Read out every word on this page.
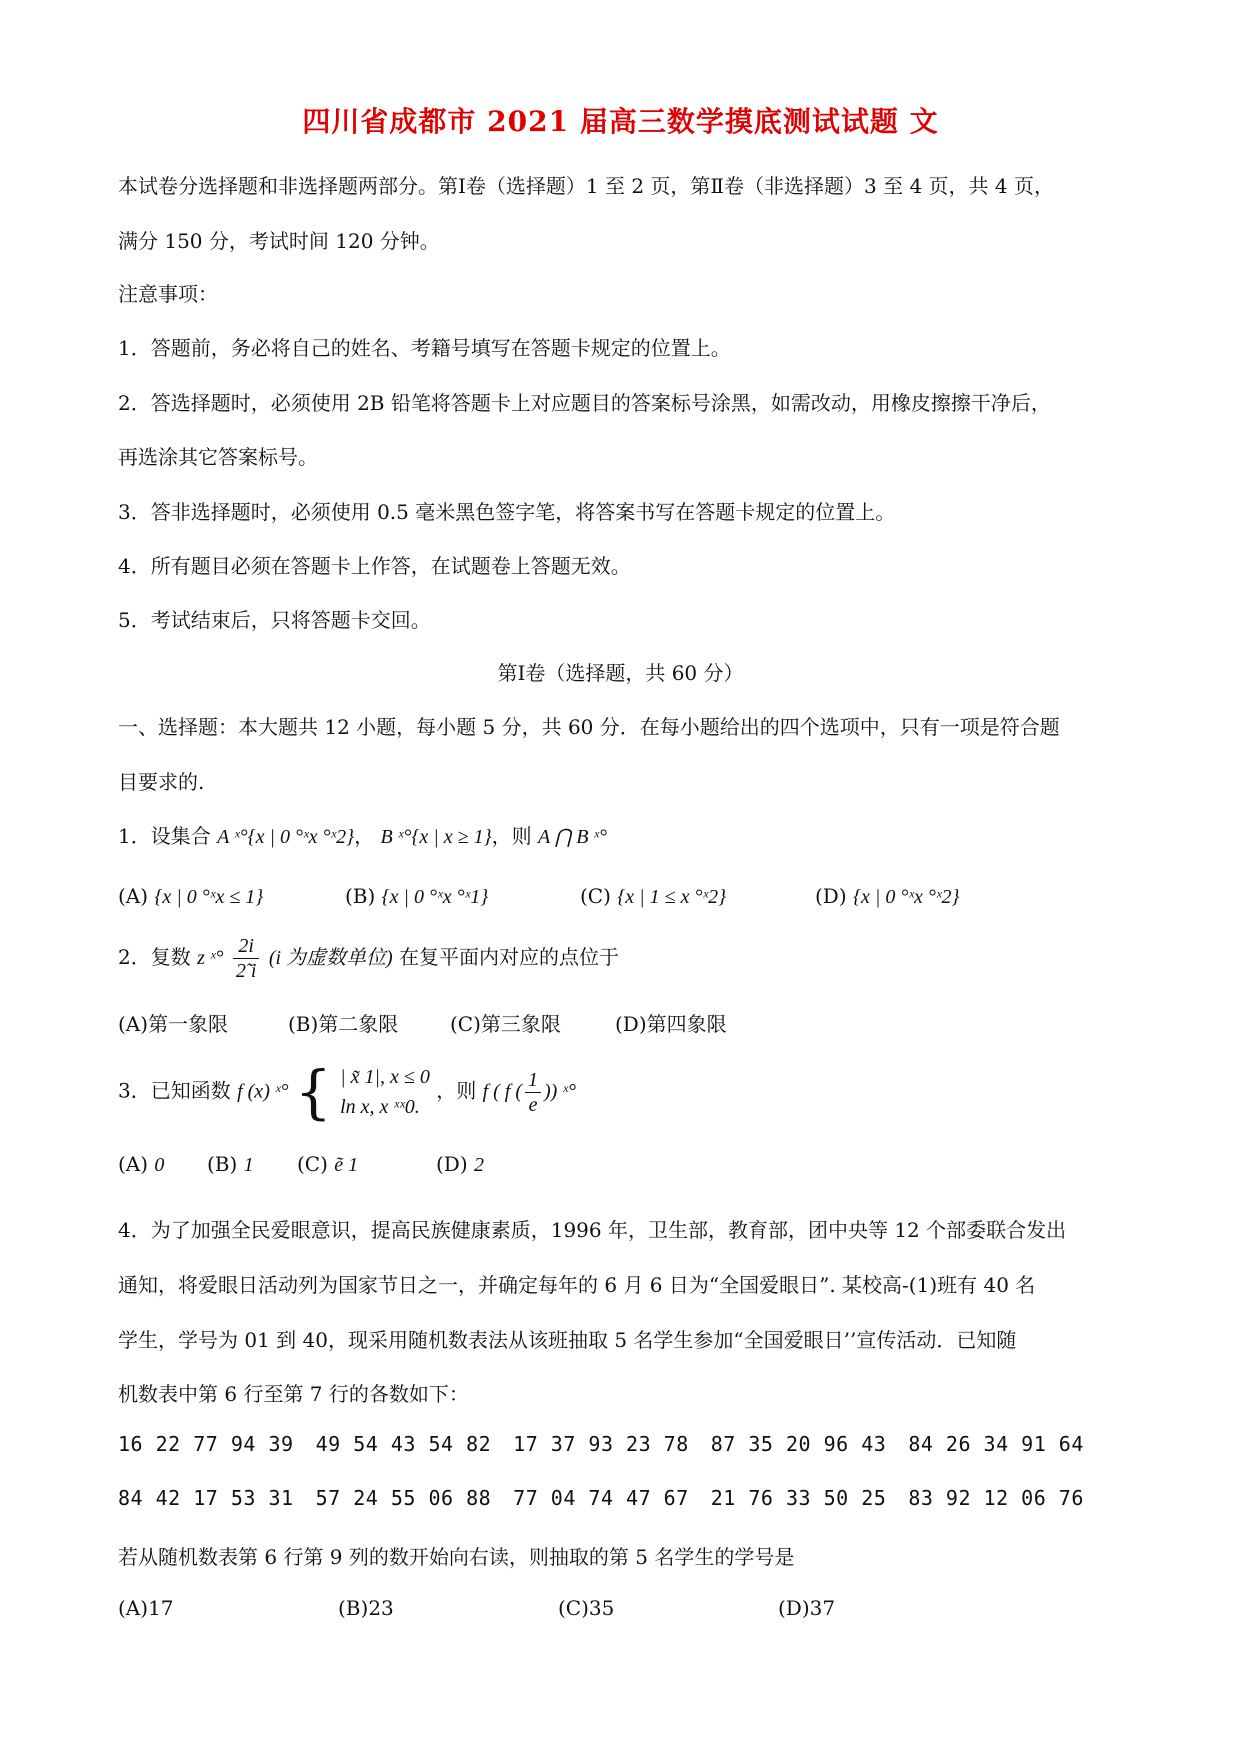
四川省成都市 2021 届高三数学摸底测试试题 文
本试卷分选择题和非选择题两部分。第Ⅰ卷（选择题）1 至 2 页，第Ⅱ卷（非选择题）3 至 4 页，共 4 页，
满分 150 分，考试时间 120 分钟。
注意事项：
1．答题前，务必将自己的姓名、考籍号填写在答题卡规定的位置上。
2．答选择题时，必须使用 2B 铅笔将答题卡上对应题目的答案标号涂黑，如需改动，用橡皮擦擦干净后，
再选涂其它答案标号。
3．答非选择题时，必须使用 0.5 毫米黑色签字笔，将答案书写在答题卡规定的位置上。
4．所有题目必须在答题卡上作答，在试题卷上答题无效。
5．考试结束后，只将答题卡交回。
第Ⅰ卷（选择题，共 60 分）
一、选择题：本大题共 12 小题，每小题 5 分，共 60 分．在每小题给出的四个选项中，只有一项是符合题
目要求的.
1．设集合 A ˣ°{x | 0 °ˣx °ˣ2}， B ˣ°{x | x ≥ 1}，则 A ⋂ B ˣ°
(A) {x | 0 °ˣx ≤ 1}	(B) {x | 0 °ˣx °ˣ1}	(C) {x | 1 ≤ x °ˣ2}	(D) {x | 0 °ˣx °ˣ2}
2．复数 z ˣ° $\frac{2i}{2̃ i} (i$ 为虚数单位) 在复平面内对应的点位于
(A)第一象限	(B)第二象限	(C)第三象限	(D)第四象限
3．已知函数 f (x) ˣ° { | x̃ 1|, x ≤ 0
ln x, x ˣˣ0.
，则 f ( f ( $\frac{1}{e}$ )) ˣ°
(A) 0 (B) 1 (C) ẽ 1	(D) 2
4．为了加强全民爱眼意识，提高民族健康素质，1996 年，卫生部，教育部，团中央等 12 个部委联合发出
通知，将爱眼日活动列为国家节日之一，并确定每年的 6 月 6 日为“全国爱眼日”. 某校高-(1)班有 40 名
学生，学号为 01 到 40，现采用随机数表法从该班抽取 5 名学生参加“全国爱眼日’’宣传活动．已知随
机数表中第 6 行至第 7 行的各数如下：
16 22 77 94 39 49 54 43 54 82 17 37 93 23 78 87 35 20 96 43 84 26 34 91 64
84 42 17 53 31 57 24 55 06 88 77 04 74 47 67 21 76 33 50 25 83 92 12 06 76
若从随机数表第 6 行第 9 列的数开始向右读，则抽取的第 5 名学生的学号是
(A)17	(B)23	(C)35	(D)37
